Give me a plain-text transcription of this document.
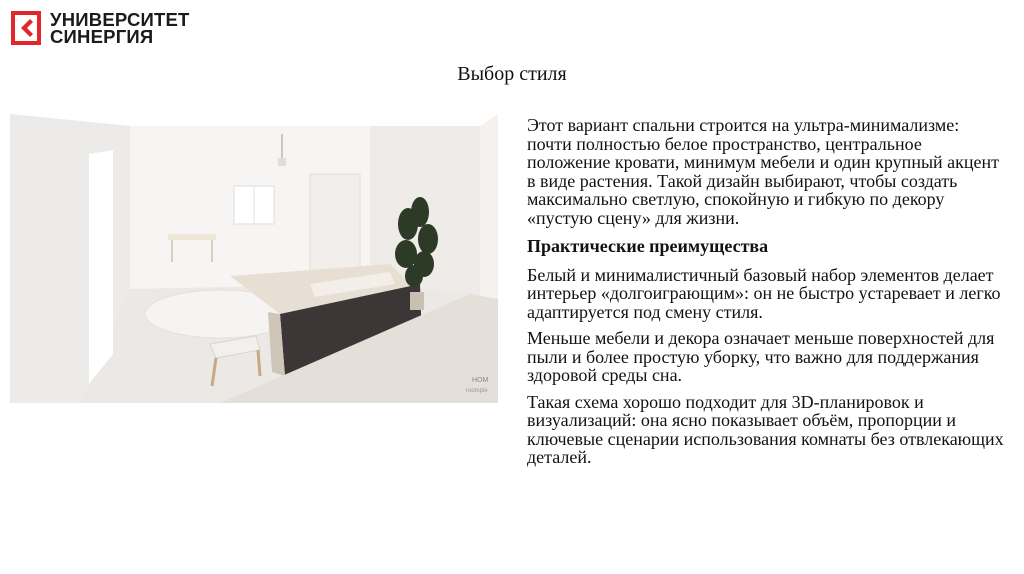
УНИВЕРСИТЕТ
СИНЕРГИЯ
Выбор стиля
HOM
roomple

Этот вариант спальни строится на ультра-минимализме: почти полностью белое пространство, центральное положение кровати, минимум мебели и один крупный акцент в виде растения. Такой дизайн выбирают, чтобы создать максимально светлую, спокойную и гибкую по декору «пустую сцену» для жизни.

Практические преимущества

Белый и минималистичный базовый набор элементов делает интерьер «долгоиграющим»: он не быстро устаревает и легко адаптируется под смену стиля.

Меньше мебели и декора означает меньше поверхностей для пыли и более простую уборку, что важно для поддержания здоровой среды сна.

Такая схема хорошо подходит для 3D-планировок и визуализаций: она ясно показывает объём, пропорции и ключевые сценарии использования комнаты без отвлекающих деталей.
